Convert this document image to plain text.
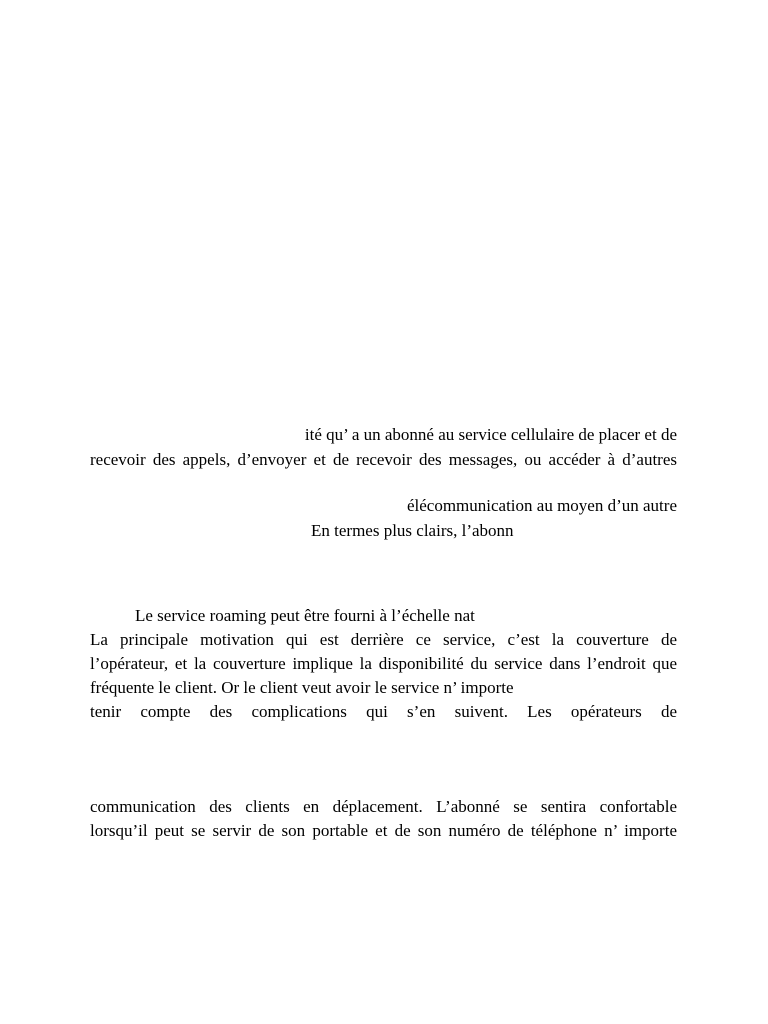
ité qu’ a un abonné au service cellulaire de placer et de

recevoir des appels, d’envoyer et de recevoir des messages, ou accéder à d’autres

élécommunication au moyen d’un autre

En termes plus clairs, l’abonn

Le service roaming peut être fourni à l’échelle nat

La principale motivation qui est derrière ce service, c’est la couverture de

l’opérateur, et la couverture implique la disponibilité du service dans l’endroit que

fréquente le client. Or le client veut avoir le service n’ importe

tenir compte des complications qui s’en suivent. Les opérateurs de

communication des clients en déplacement. L’abonné se sentira confortable

lorsqu’il peut se servir de son portable et de son numéro de téléphone n’ importe
